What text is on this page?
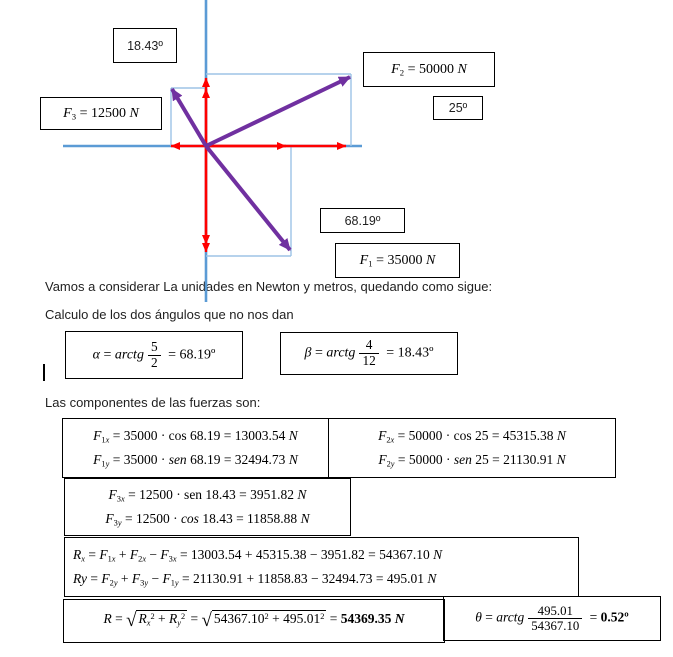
18.43º
$F_2 = 50000$ N
25º
$F_3 = 12500$ N
68.19º
$F_1 = 35000$ N
Vamos a considerar La unidades en Newton y metros, quedando como sigue:
Calculo de los dos ángulos que no nos dan
α = arctg $\frac{5}{2}$ = 68.19º	β = arctg $\frac{4}{12}$ = 18.43º
Las componentes de las fuerzas son:
$F_{1x} = 35000 \cdot \cos 68.19 = 13003.54$ N
$F_{1y} = 35000$ · sen 68.19 = 32494.73 N
$F_{2x} = 50000 \cdot \cos 25 = 45315.38$ N
$F_{2y} = 50000$ · sen 25 = 21130.91 N
$F_{3x} = 12500$ · sen 18.43 = 3951.82 N
$F_{3y} = 12500 \cdot \cos 18.43 = 11858.88$ N
$R_x = F_{1x} + F_{2x} - F_{3x} = 13003.54 + 45315.38 - 3951.82 = 54367.10$ N
$Ry = F_{2y} + F_{3y} - F_{1y} = 21130.91 + 11858.83 - 32494.73 = 495.01$ N
R = √ $R_x^2 + R_y^2$ = √ $54367.10^2 + 495.01^2 = 54369.35$ N	θ = arctg $\frac{495.01}{54367.10}$ = 0.52º
